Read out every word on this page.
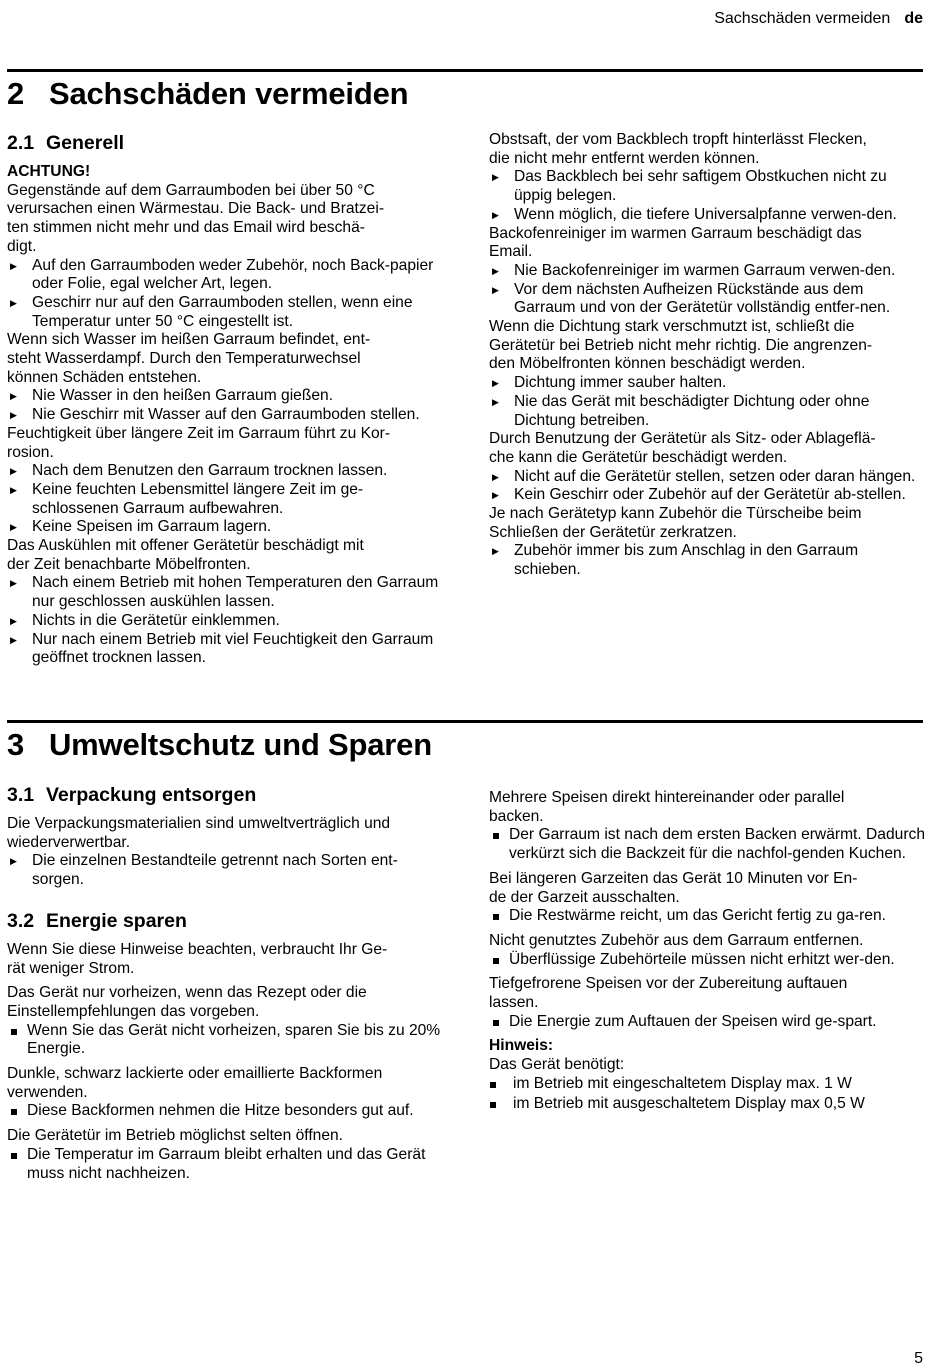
Sachschäden vermeiden de
2 Sachschäden vermeiden
2.1 Generell

ACHTUNG!

Gegenstände auf dem Garraumboden bei über 50 °C
verursachen einen Wärmestau. Die Back- und Bratzei-
ten stimmen nicht mehr und das Email wird beschä-
digt.

▶ Auf den Garraumboden weder Zubehör, noch Back-papier oder Folie, egal welcher Art, legen.
▶ Geschirr nur auf den Garraumboden stellen, wenn eine Temperatur unter 50 °C eingestellt ist.

Wenn sich Wasser im heißen Garraum befindet, ent-
steht Wasserdampf. Durch den Temperaturwechsel
können Schäden entstehen.

▶ Nie Wasser in den heißen Garraum gießen.
▶ Nie Geschirr mit Wasser auf den Garraumboden stellen.

Feuchtigkeit über längere Zeit im Garraum führt zu Kor-
rosion.

▶ Nach dem Benutzen den Garraum trocknen lassen.
▶ Keine feuchten Lebensmittel längere Zeit im ge-schlossenen Garraum aufbewahren.
▶ Keine Speisen im Garraum lagern.

Das Auskühlen mit offener Gerätetür beschädigt mit
der Zeit benachbarte Möbelfronten.

▶ Nach einem Betrieb mit hohen Temperaturen den Garraum nur geschlossen auskühlen lassen.
▶ Nichts in die Gerätetür einklemmen.
▶ Nur nach einem Betrieb mit viel Feuchtigkeit den Garraum geöffnet trocknen lassen.

Obstsaft, der vom Backblech tropft hinterlässt Flecken,
die nicht mehr entfernt werden können.

▶ Das Backblech bei sehr saftigem Obstkuchen nicht zu üppig belegen.
▶ Wenn möglich, die tiefere Universalpfanne verwen-den.

Backofenreiniger im warmen Garraum beschädigt das
Email.

▶ Nie Backofenreiniger im warmen Garraum verwen-den.
▶ Vor dem nächsten Aufheizen Rückstände aus dem Garraum und von der Gerätetür vollständig entfer-nen.

Wenn die Dichtung stark verschmutzt ist, schließt die
Gerätetür bei Betrieb nicht mehr richtig. Die angrenzen-
den Möbelfronten können beschädigt werden.

▶ Dichtung immer sauber halten.
▶ Nie das Gerät mit beschädigter Dichtung oder ohne Dichtung betreiben.

Durch Benutzung der Gerätetür als Sitz- oder Ablageflä-
che kann die Gerätetür beschädigt werden.

▶ Nicht auf die Gerätetür stellen, setzen oder daran hängen.
▶ Kein Geschirr oder Zubehör auf der Gerätetür ab-stellen.

Je nach Gerätetyp kann Zubehör die Türscheibe beim
Schließen der Gerätetür zerkratzen.

▶ Zubehör immer bis zum Anschlag in den Garraum schieben.
3 Umweltschutz und Sparen
3.1 Verpackung entsorgen

Die Verpackungsmaterialien sind umweltverträglich und
wiederverwertbar.

▶ Die einzelnen Bestandteile getrennt nach Sorten ent-sorgen.
3.2 Energie sparen

Wenn Sie diese Hinweise beachten, verbraucht Ihr Ge-
rät weniger Strom.

Das Gerät nur vorheizen, wenn das Rezept oder die
Einstellempfehlungen das vorgeben.

Wenn Sie das Gerät nicht vorheizen, sparen Sie bis zu 20% Energie.

Dunkle, schwarz lackierte oder emaillierte Backformen
verwenden.

Diese Backformen nehmen die Hitze besonders gut auf.

Die Gerätetür im Betrieb möglichst selten öffnen.

Die Temperatur im Garraum bleibt erhalten und das Gerät muss nicht nachheizen.

Mehrere Speisen direkt hintereinander oder parallel
backen.

Der Garraum ist nach dem ersten Backen erwärmt. Dadurch verkürzt sich die Backzeit für die nachfol-genden Kuchen.

Bei längeren Garzeiten das Gerät 10 Minuten vor En-
de der Garzeit ausschalten.

Die Restwärme reicht, um das Gericht fertig zu ga-ren.

Nicht genutztes Zubehör aus dem Garraum entfernen.

Überflüssige Zubehörteile müssen nicht erhitzt wer-den.

Tiefgefrorene Speisen vor der Zubereitung auftauen
lassen.

Die Energie zum Auftauen der Speisen wird ge-spart.

Hinweis:

Das Gerät benötigt:

im Betrieb mit eingeschaltetem Display max. 1 W
im Betrieb mit ausgeschaltetem Display max 0,5 W
5
